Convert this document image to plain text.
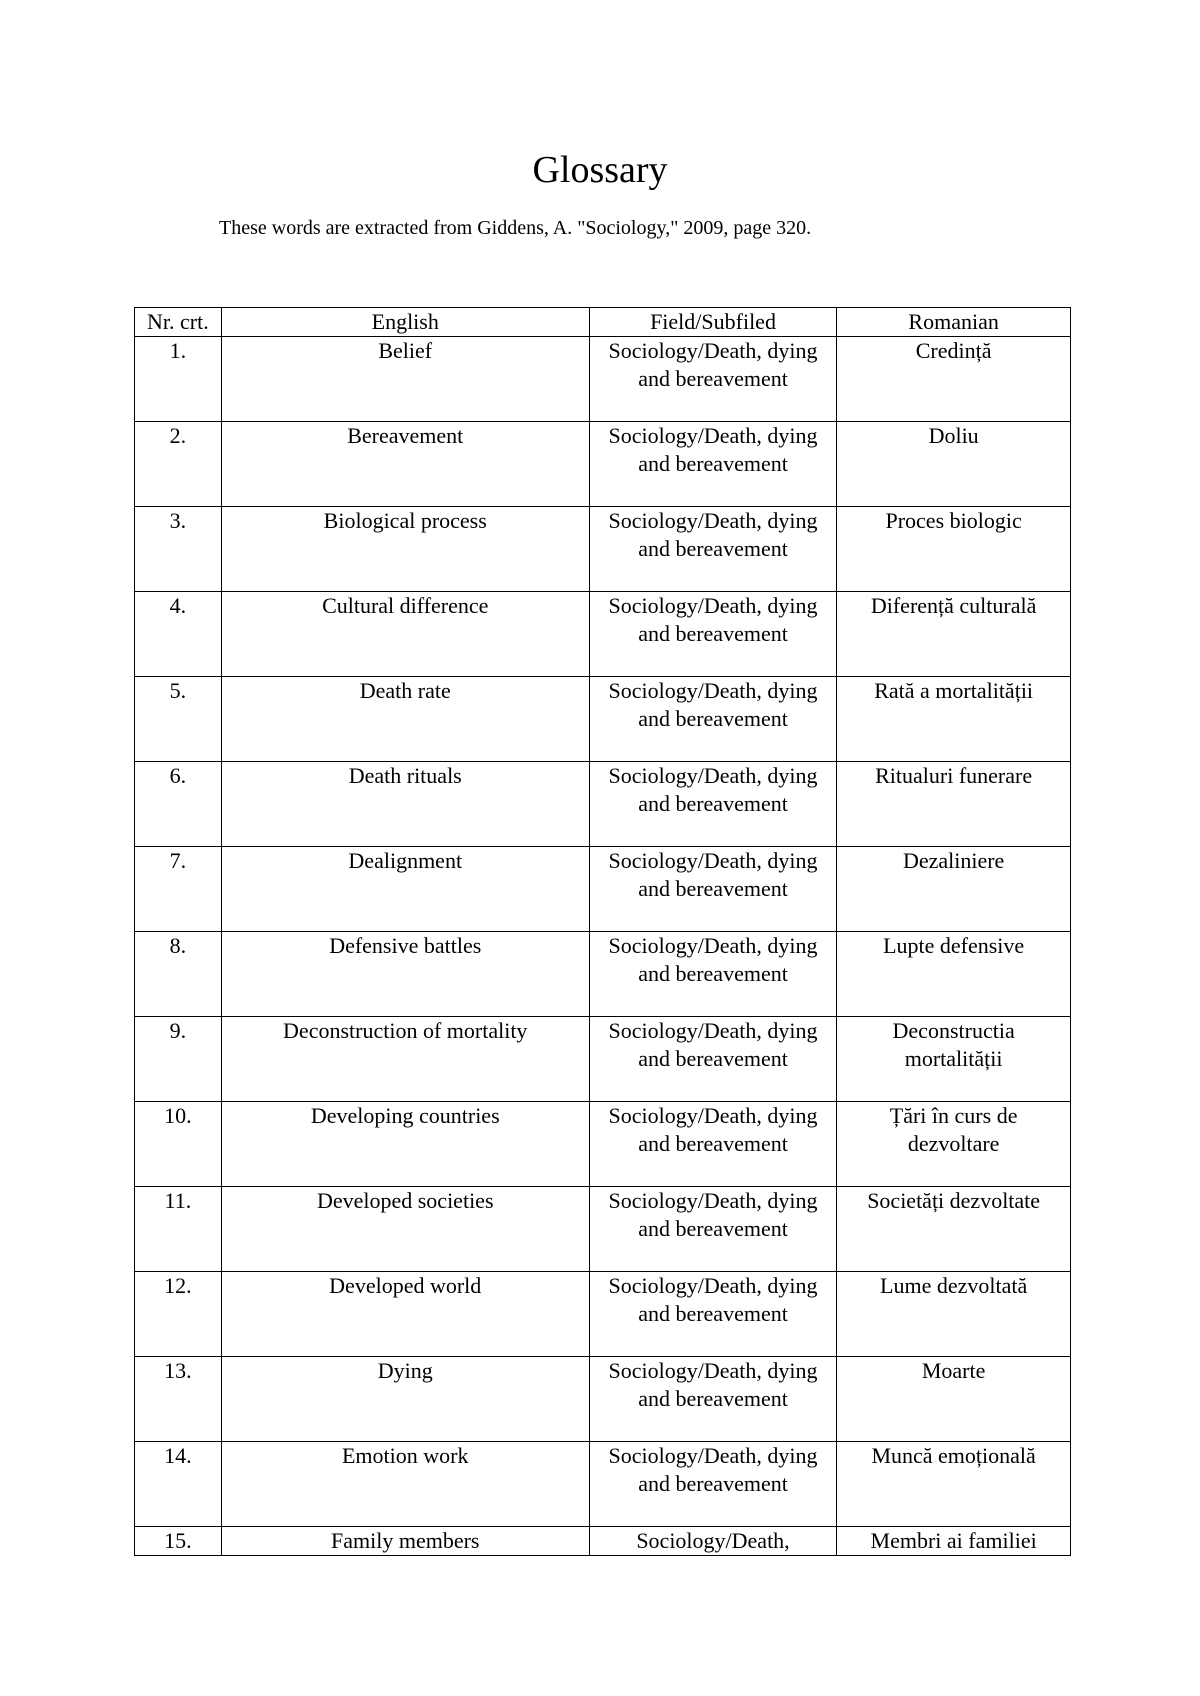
Glossary
These words are extracted from Giddens, A. "Sociology," 2009, page 320.
Nr. crt.	English	Field/Subfiled	Romanian
1.	Belief	Sociology/Death, dying and bereavement	Credință
2.	Bereavement	Sociology/Death, dying and bereavement	Doliu
3.	Biological process	Sociology/Death, dying and bereavement	Proces biologic
4.	Cultural difference	Sociology/Death, dying and bereavement	Diferență culturală
5.	Death rate	Sociology/Death, dying and bereavement	Rată a mortalității
6.	Death rituals	Sociology/Death, dying and bereavement	Ritualuri funerare
7.	Dealignment	Sociology/Death, dying and bereavement	Dezaliniere
8.	Defensive battles	Sociology/Death, dying and bereavement	Lupte defensive
9.	Deconstruction of mortality	Sociology/Death, dying and bereavement	Deconstructia mortalității
10.	Developing countries	Sociology/Death, dying and bereavement	Țări în curs de dezvoltare
11.	Developed societies	Sociology/Death, dying and bereavement	Societăți dezvoltate
12.	Developed world	Sociology/Death, dying and bereavement	Lume dezvoltată
13.	Dying	Sociology/Death, dying and bereavement	Moarte
14.	Emotion work	Sociology/Death, dying and bereavement	Muncă emoțională
15.	Family members	Sociology/Death,	Membri ai familiei
